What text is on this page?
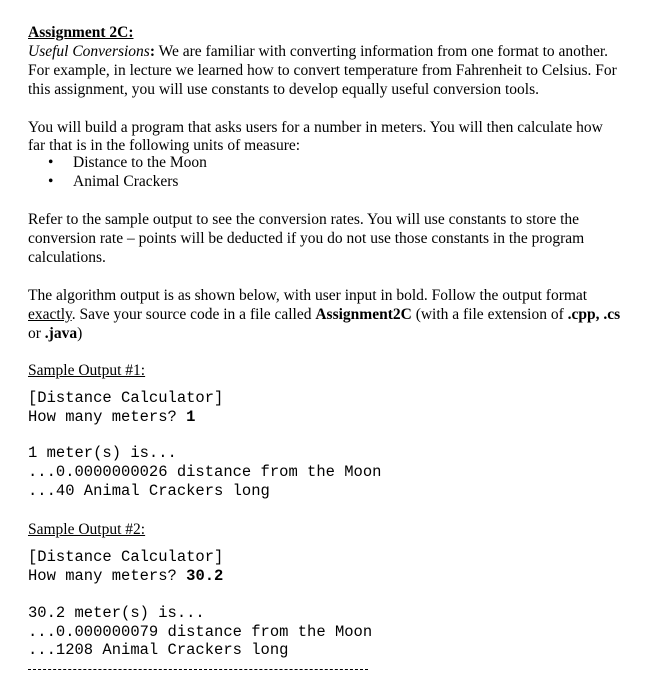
Assignment 2C:

Useful Conversions: We are familiar with converting information from one format to another.

For example, in lecture we learned how to convert temperature from Fahrenheit to Celsius. For

this assignment, you will use constants to develop equally useful conversion tools.

You will build a program that asks users for a number in meters. You will then calculate how

far that is in the following units of measure:

• Distance to the Moon
• Animal Crackers

Refer to the sample output to see the conversion rates. You will use constants to store the

conversion rate – points will be deducted if you do not use those constants in the program

calculations.

The algorithm output is as shown below, with user input in bold. Follow the output format

exactly. Save your source code in a file called Assignment2C (with a file extension of .cpp, .cs

or .java)

Sample Output #1:

[Distance Calculator]

How many meters? 1

1 meter(s) is...

...0.0000000026 distance from the Moon

...40 Animal Crackers long

Sample Output #2:

[Distance Calculator]

How many meters? 30.2

30.2 meter(s) is...

...0.000000079 distance from the Moon

...1208 Animal Crackers long
